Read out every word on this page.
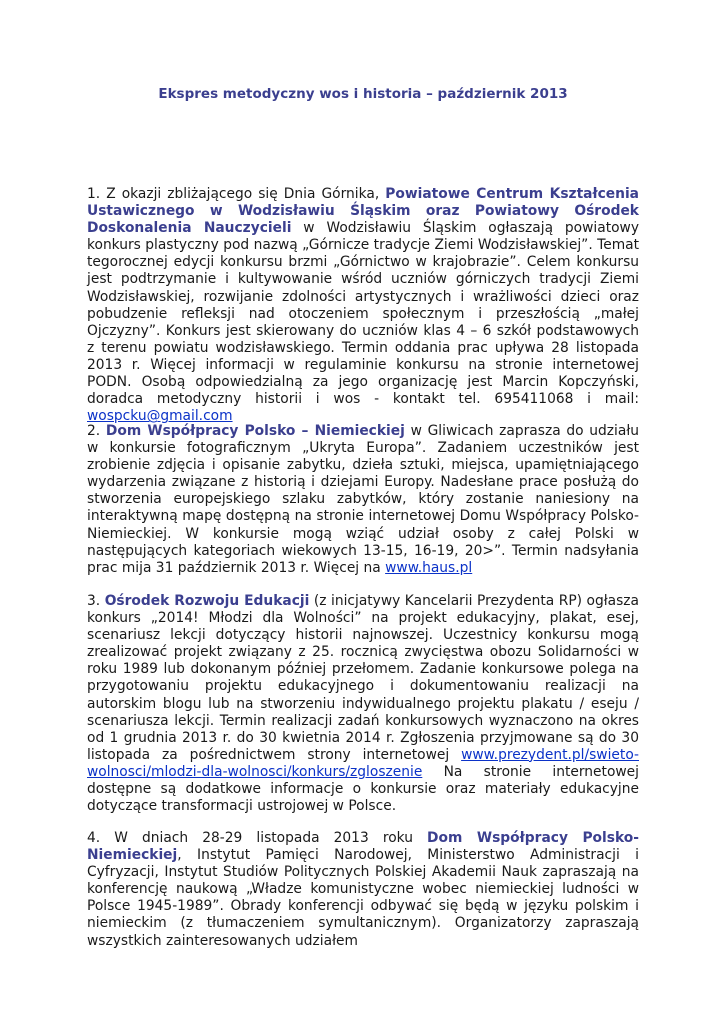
Ekspres metodyczny wos i historia – październik 2013

1. Z okazji zbliżającego się Dnia Górnika, Powiatowe Centrum Kształcenia Ustawicznego w Wodzisławiu Śląskim oraz Powiatowy Ośrodek Doskonalenia Nauczycieli w Wodzisławiu Śląskim ogłaszają powiatowy konkurs plastyczny pod nazwą „Górnicze tradycje Ziemi Wodzisławskiej”. Temat tegorocznej edycji konkursu brzmi „Górnictwo w krajobrazie”. Celem konkursu jest podtrzymanie i kultywowanie wśród uczniów górniczych tradycji Ziemi Wodzisławskiej, rozwijanie zdolności artystycznych i wrażliwości dzieci oraz pobudzenie refleksji nad otoczeniem społecznym i przeszłością „małej Ojczyzny”. Konkurs jest skierowany do uczniów klas 4 – 6 szkół podstawowych z terenu powiatu wodzisławskiego. Termin oddania prac upływa 28 listopada 2013 r. Więcej informacji w regulaminie konkursu na stronie internetowej PODN. Osobą odpowiedzialną za jego organizację jest Marcin Kopczyński, doradca metodyczny historii i wos - kontakt tel. 695411068 i mail: wospcku@gmail.com

2. Dom Współpracy Polsko – Niemieckiej w Gliwicach zaprasza do udziału w konkursie fotograficznym „Ukryta Europa”. Zadaniem uczestników jest zrobienie zdjęcia i opisanie zabytku, dzieła sztuki, miejsca, upamiętniającego wydarzenia związane z historią i dziejami Europy. Nadesłane prace posłużą do stworzenia europejskiego szlaku zabytków, który zostanie naniesiony na interaktywną mapę dostępną na stronie internetowej Domu Współpracy Polsko-Niemieckiej. W konkursie mogą wziąć udział osoby z całej Polski w następujących kategoriach wiekowych 13-15, 16-19, 20>”. Termin nadsyłania prac mija 31 październik 2013 r. Więcej na www.haus.pl

3. Ośrodek Rozwoju Edukacji (z inicjatywy Kancelarii Prezydenta RP) ogłasza konkurs „2014! Młodzi dla Wolności” na projekt edukacyjny, plakat, esej, scenariusz lekcji dotyczący historii najnowszej. Uczestnicy konkursu mogą zrealizować projekt związany z 25. rocznicą zwycięstwa obozu Solidarności w roku 1989 lub dokonanym później przełomem. Zadanie konkursowe polega na przygotowaniu projektu edukacyjnego i dokumentowaniu realizacji na autorskim blogu lub na stworzeniu indywidualnego projektu plakatu / eseju / scenariusza lekcji. Termin realizacji zadań konkursowych wyznaczono na okres od 1 grudnia 2013 r. do 30 kwietnia 2014 r. Zgłoszenia przyjmowane są do 30 listopada za pośrednictwem strony internetowej www.prezydent.pl/swieto-wolnosci/mlodzi-dla-wolnosci/konkurs/zgloszenie Na stronie internetowej dostępne są dodatkowe informacje o konkursie oraz materiały edukacyjne dotyczące transformacji ustrojowej w Polsce.

4. W dniach 28-29 listopada 2013 roku Dom Współpracy Polsko-Niemieckiej, Instytut Pamięci Narodowej, Ministerstwo Administracji i Cyfryzacji, Instytut Studiów Politycznych Polskiej Akademii Nauk zapraszają na konferencję naukową „Władze komunistyczne wobec niemieckiej ludności w Polsce 1945-1989”. Obrady konferencji odbywać się będą w języku polskim i niemieckim (z tłumaczeniem symultanicznym). Organizatorzy zapraszają wszystkich zainteresowanych udziałem
